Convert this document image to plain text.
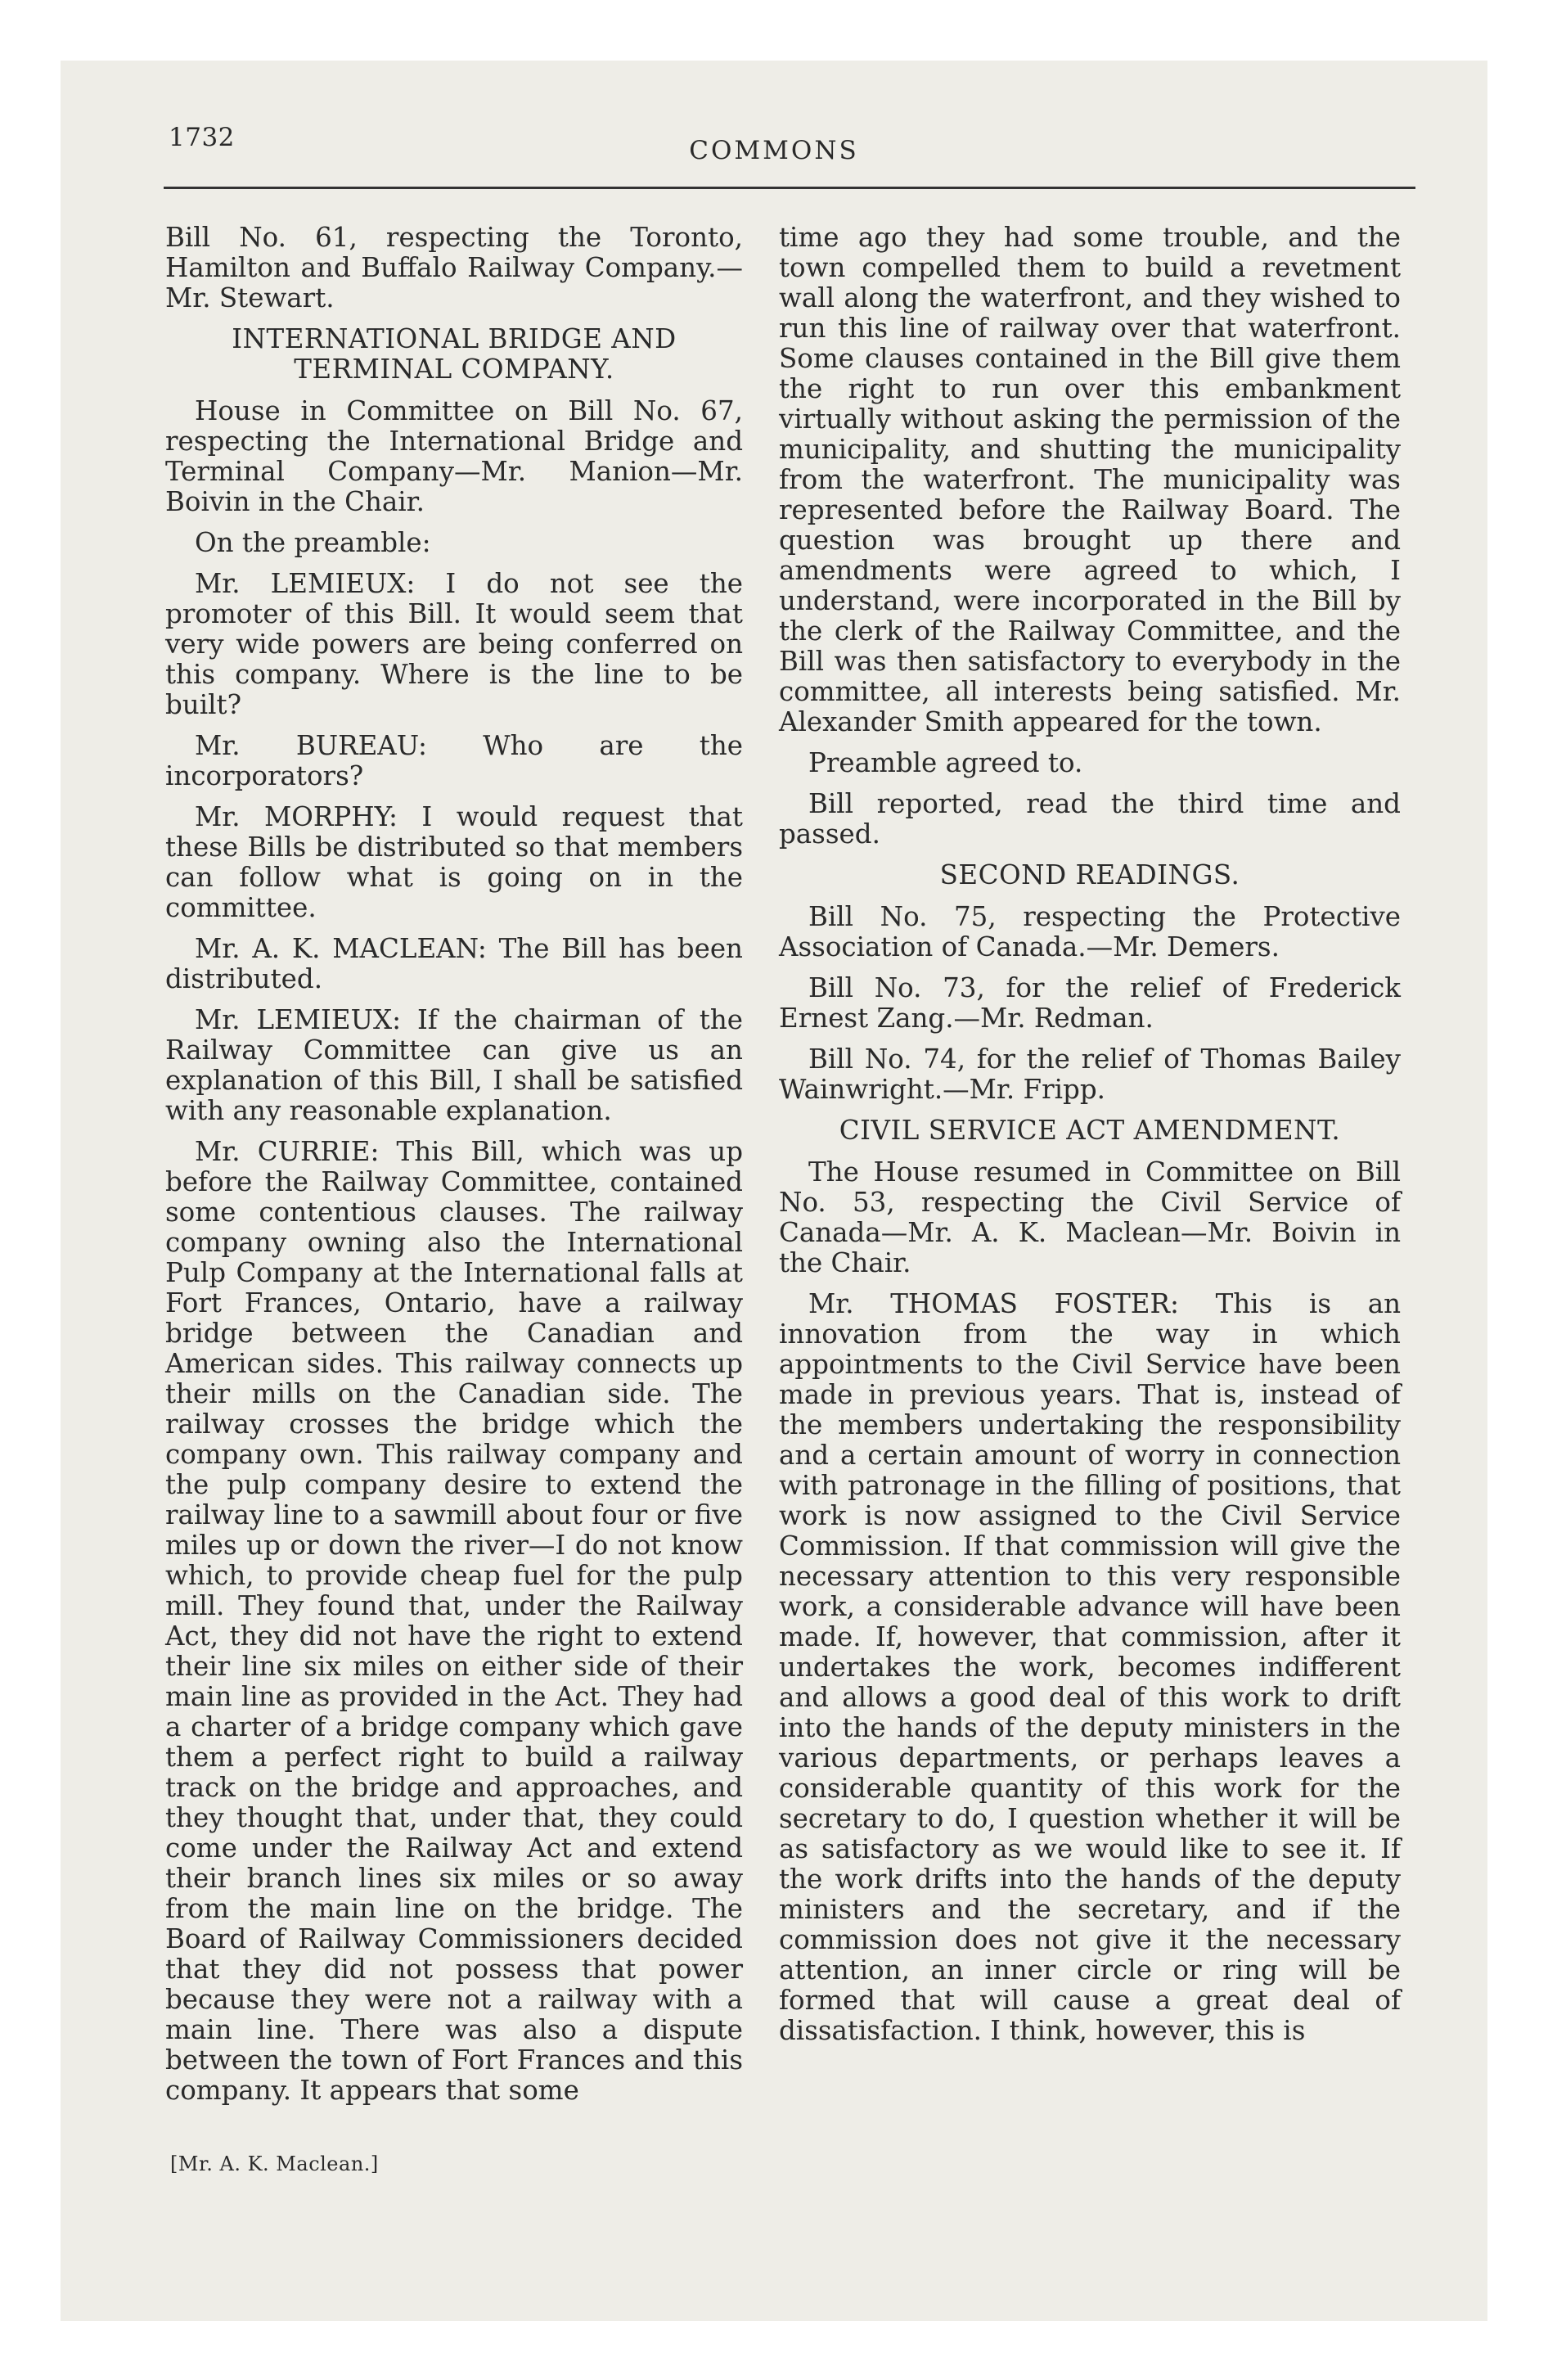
1732	COMMONS

Bill No. 61, respecting the Toronto, Hamilton and Buffalo Railway Company.—Mr. Stewart.

INTERNATIONAL BRIDGE AND TERMINAL COMPANY.

House in Committee on Bill No. 67, respecting the International Bridge and Terminal Company—Mr. Manion—Mr. Boivin in the Chair.

On the preamble:

Mr. LEMIEUX: I do not see the promoter of this Bill. It would seem that very wide powers are being conferred on this company. Where is the line to be built?

Mr. BUREAU: Who are the incorporators?

Mr. MORPHY: I would request that these Bills be distributed so that members can follow what is going on in the committee.

Mr. A. K. MACLEAN: The Bill has been distributed.

Mr. LEMIEUX: If the chairman of the Railway Committee can give us an explanation of this Bill, I shall be satisfied with any reasonable explanation.

Mr. CURRIE: This Bill, which was up before the Railway Committee, contained some contentious clauses. The railway company owning also the International Pulp Company at the International falls at Fort Frances, Ontario, have a railway bridge between the Canadian and American sides. This railway connects up their mills on the Canadian side. The railway crosses the bridge which the company own. This railway company and the pulp company desire to extend the railway line to a sawmill about four or five miles up or down the river—I do not know which, to provide cheap fuel for the pulp mill. They found that, under the Railway Act, they did not have the right to extend their line six miles on either side of their main line as provided in the Act. They had a charter of a bridge company which gave them a perfect right to build a railway track on the bridge and approaches, and they thought that, under that, they could come under the Railway Act and extend their branch lines six miles or so away from the main line on the bridge. The Board of Railway Commissioners decided that they did not possess that power because they were not a railway with a main line. There was also a dispute between the town of Fort Frances and this company. It appears that some

time ago they had some trouble, and the town compelled them to build a revetment wall along the waterfront, and they wished to run this line of railway over that waterfront. Some clauses contained in the Bill give them the right to run over this embankment virtually without asking the permission of the municipality, and shutting the municipality from the waterfront. The municipality was represented before the Railway Board. The question was brought up there and amendments were agreed to which, I understand, were incorporated in the Bill by the clerk of the Railway Committee, and the Bill was then satisfactory to everybody in the committee, all interests being satisfied. Mr. Alexander Smith appeared for the town.

Preamble agreed to.

Bill reported, read the third time and passed.

SECOND READINGS.

Bill No. 75, respecting the Protective Association of Canada.—Mr. Demers.

Bill No. 73, for the relief of Frederick Ernest Zang.—Mr. Redman.

Bill No. 74, for the relief of Thomas Bailey Wainwright.—Mr. Fripp.

CIVIL SERVICE ACT AMENDMENT.

The House resumed in Committee on Bill No. 53, respecting the Civil Service of Canada—Mr. A. K. Maclean—Mr. Boivin in the Chair.

Mr. THOMAS FOSTER: This is an innovation from the way in which appointments to the Civil Service have been made in previous years. That is, instead of the members undertaking the responsibility and a certain amount of worry in connection with patronage in the filling of positions, that work is now assigned to the Civil Service Commission. If that commission will give the necessary attention to this very responsible work, a considerable advance will have been made. If, however, that commission, after it undertakes the work, becomes indifferent and allows a good deal of this work to drift into the hands of the deputy ministers in the various departments, or perhaps leaves a considerable quantity of this work for the secretary to do, I question whether it will be as satisfactory as we would like to see it. If the work drifts into the hands of the deputy ministers and the secretary, and if the commission does not give it the necessary attention, an inner circle or ring will be formed that will cause a great deal of dissatisfaction. I think, however, this is

[Mr. A. K. Maclean.]
